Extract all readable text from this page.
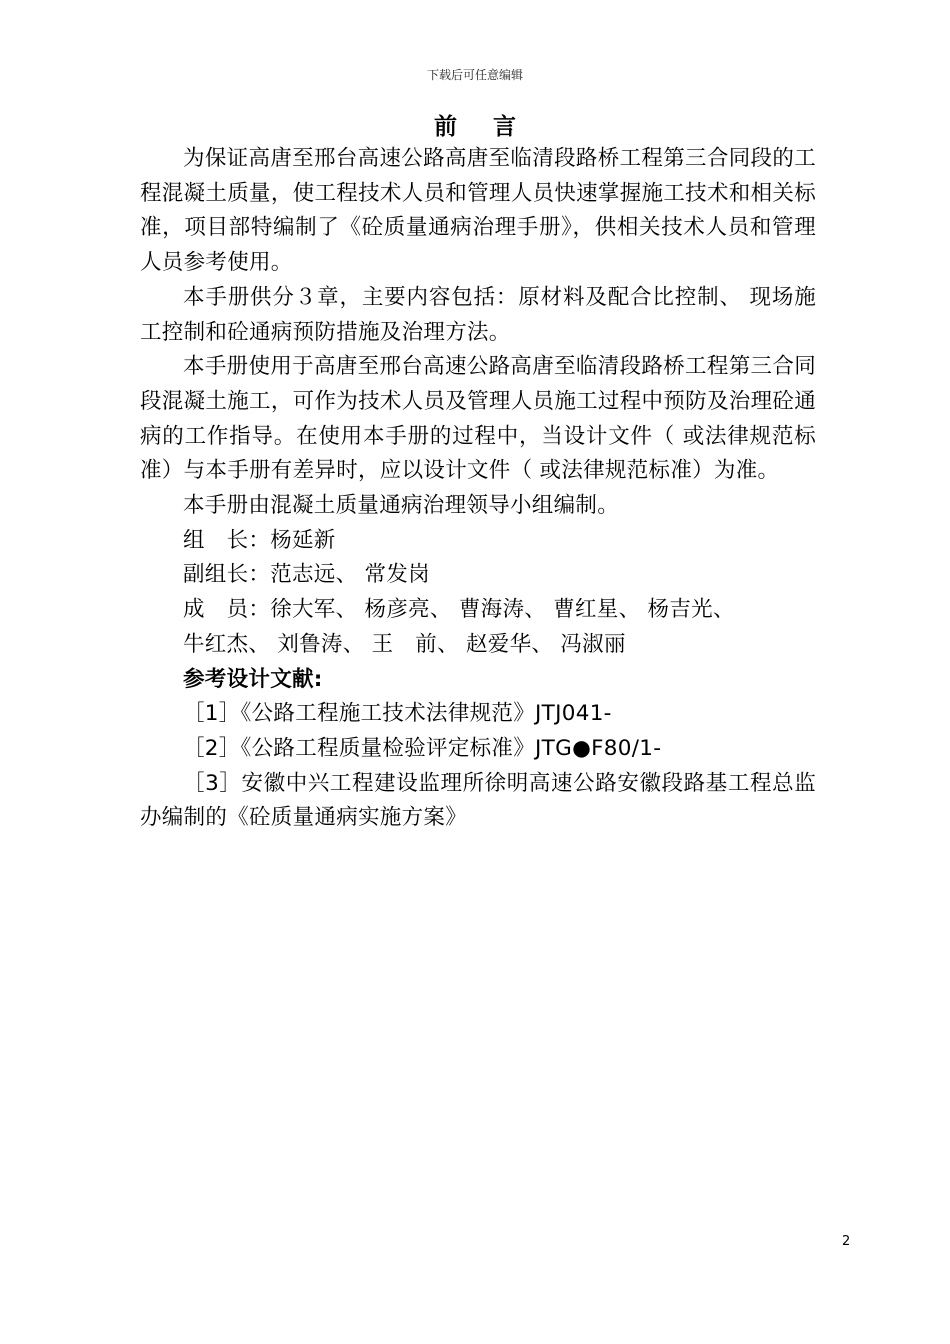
下载后可任意编辑
前言

为保证高唐至邢台高速公路高唐至临清段路桥工程第三合同段的工程混凝土质量，使工程技术人员和管理人员快速掌握施工技术和相关标准，项目部特编制了《砼质量通病治理手册》，供相关技术人员和管理人员参考使用。

本手册供分３章，主要内容包括：原材料及配合比控制、 现场施工控制和砼通病预防措施及治理方法。

本手册使用于高唐至邢台高速公路高唐至临清段路桥工程第三合同段混凝土施工，可作为技术人员及管理人员施工过程中预防及治理砼通病的工作指导。在使用本手册的过程中，当设计文件（ 或法律规范标准）与本手册有差异时，应以设计文件（ 或法律规范标准）为准。

本手册由混凝土质量通病治理领导小组编制。

组　长：杨延新

副组长：范志远、 常发岗

成　员：徐大军、 杨彦亮、 曹海涛、 曹红星、 杨吉光、

牛红杰、 刘鲁涛、 王　前、 赵爱华、 冯淑丽

参考设计文献:

［1］《公路工程施工技术法律规范》JTJ041-

［2］《公路工程质量检验评定标准》JTG●F80/1-

［3］安徽中兴工程建设监理所徐明高速公路安徽段路基工程总监办编制的《砼质量通病实施方案》

2
